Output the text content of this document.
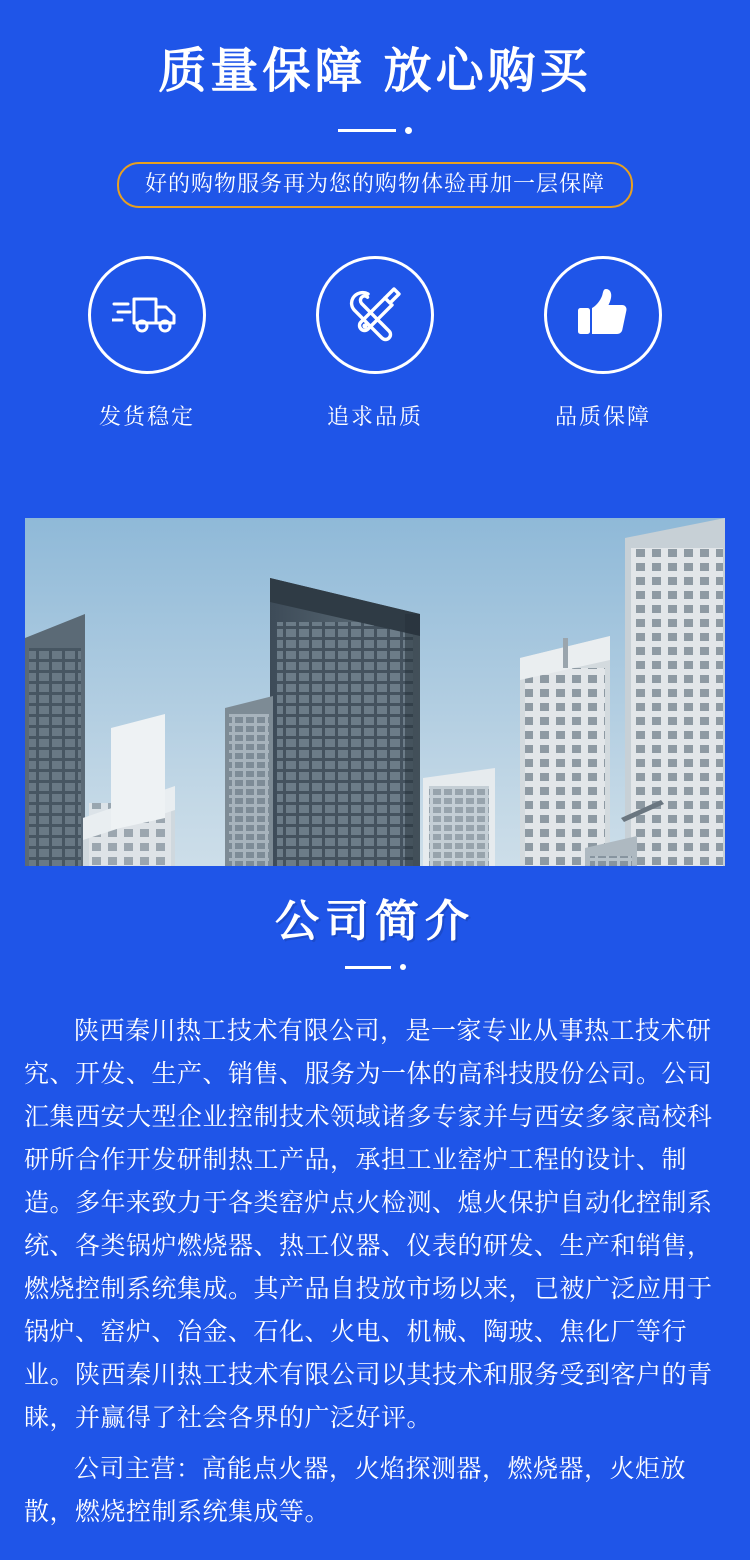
质量保障 放心购买
好的购物服务再为您的购物体验再加一层保障
发货稳定	追求品质	品质保障
公司简介

陕西秦川热工技术有限公司，是一家专业从事热工技术研究、开发、生产、销售、服务为一体的高科技股份公司。公司汇集西安大型企业控制技术领域诸多专家并与西安多家高校科研所合作开发研制热工产品，承担工业窑炉工程的设计、制造。多年来致力于各类窑炉点火检测、熄火保护自动化控制系统、各类锅炉燃烧器、热工仪器、仪表的研发、生产和销售，燃烧控制系统集成。其产品自投放市场以来，已被广泛应用于锅炉、窑炉、冶金、石化、火电、机械、陶玻、焦化厂等行业。陕西秦川热工技术有限公司以其技术和服务受到客户的青睐，并赢得了社会各界的广泛好评。

公司主营：高能点火器，火焰探测器，燃烧器，火炬放散，燃烧控制系统集成等。
